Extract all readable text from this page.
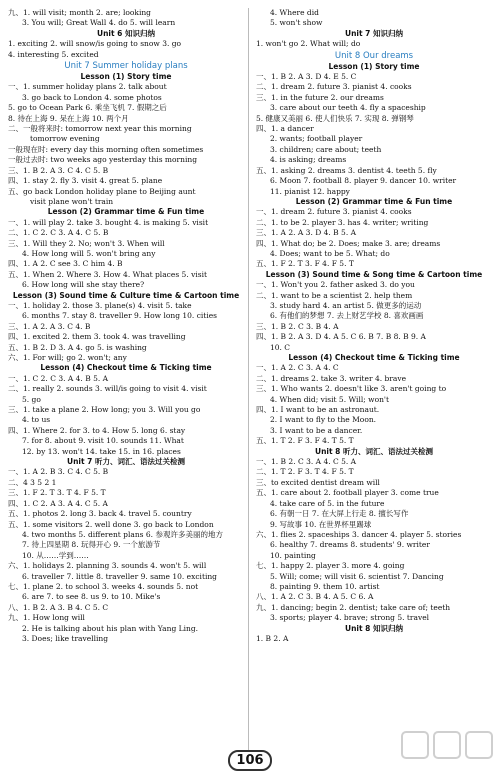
九、1. will visit; month 2. are; looking
3. You will; Great Wall 4. do 5. will learn
Unit 6 知识归纳
1. exciting 2. will snow/is going to snow 3. go
4. interesting 5. excited
Unit 7 Summer holiday plans
Lesson (1) Story time
一、1. summer holiday plans 2. talk about
3. go back to London 4. some photos
5. go to Ocean Park 6. 乘坐飞机 7. 假期之后
8. 待在上海 9. 呆在上海 10. 两个月
二、一般将来时: tomorrow next year this morning
tomorrow evening
一般现在时: every day this morning often sometimes
一般过去时: two weeks ago yesterday this morning
三、1. B 2. A 3. C 4. C 5. B
四、1. stay 2. fly 3. visit 4. great 5. plane
五、go back London holiday plane to Beijing aunt
visit plane won't train
Lesson (2) Grammar time & Fun time
一、1. will play 2. take 3. bought 4. is making 5. visit
二、1. C 2. C 3. A 4. C 5. B
三、1. Will they 2. No; won't 3. When will
4. How long will 5. won't bring any
四、1. A 2. C see 3. C him 4. B
五、1. When 2. Where 3. How 4. What places 5. visit
6. How long will she stay there?
Lesson (3) Sound time & Culture time & Cartoon time
一、1. holiday 2. those 3. plane(s) 4. visit 5. take
6. months 7. stay 8. traveller 9. How long 10. cities
三、1. A 2. A 3. C 4. B
四、1. excited 2. them 3. took 4. was travelling
五、1. B 2. D 3. A 4. go 5. is washing
六、1. For will; go 2. won't; any
Lesson (4) Checkout time & Ticking time
一、1. C 2. C 3. A 4. B 5. A
二、1. really 2. sounds 3. will/is going to visit 4. visit
5. go
三、1. take a plane 2. How long; you 3. Will you go
4. to us
四、1. Where 2. for 3. to 4. How 5. long 6. stay
7. for 8. about 9. visit 10. sounds 11. What
12. by 13. won't 14. take 15. in 16. places
Unit 7 听力、词汇、语法过关检测
一、1. A 2. B 3. C 4. C 5. B
二、4 3 5 2 1
三、1. F 2. T 3. T 4. F 5. T
四、1. C 2. A 3. A 4. C 5. A
五、1. photos 2. long 3. back 4. travel 5. country
五、1. some visitors 2. well done 3. go back to London
4. two months 5. different plans 6. 参观许多美丽的地方
7. 待上四星期 8. 玩得开心 9. 一个旅游节
10. 从……学到……
六、1. holidays 2. planning 3. sounds 4. won't 5. will
6. traveller 7. little 8. traveller 9. same 10. exciting
七、1. plane 2. to school 3. weeks 4. sounds 5. not
6. are 7. to see 8. us 9. to 10. Mike's
八、1. B 2. A 3. B 4. C 5. C
九、1. How long will
2. He is talking about his plan with Yang Ling.
3. Does; like travelling
4. Where did
5. won't show
Unit 7 知识归纳
1. won't go 2. What will; do
Unit 8 Our dreams
Lesson (1) Story time
一、1. B 2. A 3. D 4. E 5. C
二、1. dream 2. future 3. pianist 4. cooks
三、1. in the future 2. our dreams
3. care about our teeth 4. fly a spaceship
5. 健康又美丽 6. 使人们快乐 7. 实现 8. 弹钢琴
四、1. a dancer
2. wants; football player
3. children; care about; teeth
4. is asking; dreams
五、1. asking 2. dreams 3. dentist 4. teeth 5. fly
6. Moon 7. football 8. player 9. dancer 10. writer
11. pianist 12. happy
Lesson (2) Grammar time & Fun time
一、1. dream 2. future 3. pianist 4. cooks
二、1. to be 2. player 3. has 4. writer; writing
三、1. A 2. A 3. D 4. B 5. A
四、1. What do; be 2. Does; make 3. are; dreams
4. Does; want to be 5. What; do
五、1. F 2. T 3. F 4. F 5. T
Lesson (3) Sound time & Song time & Cartoon time
一、1. Won't you 2. father asked 3. do you
二、1. want to be a scientist 2. help them
3. study hard 4. an artist 5. 做更多的运动
6. 有他们的梦想 7. 去上财艺学校 8. 喜欢画画
三、1. B 2. C 3. B 4. A
四、1. B 2. A 3. D 4. A 5. C 6. B 7. B 8. B 9. A
10. C
Lesson (4) Checkout time & Ticking time
一、1. A 2. C 3. A 4. C
二、1. dreams 2. take 3. writer 4. brave
三、1. Who wants 2. doesn't like 3. aren't going to
4. When did; visit 5. Will; won't
四、1. I want to be an astronaut.
2. I want to fly to the Moon.
3. I want to be a dancer.
五、1. T 2. F 3. F 4. T 5. T
Unit 8 听力、词汇、语法过关检测
一、1. B 2. C 3. A 4. C 5. A
二、1. T 2. F 3. T 4. F 5. T
三、to excited dentist dream will
五、1. care about 2. football player 3. come true
4. take care of 5. in the future
6. 有朝一日 7. 在大屏上行走 8. 擅长写作
9. 写故事 10. 在世界杯里踢球
六、1. flies 2. spaceships 3. dancer 4. player 5. stories
6. healthy 7. dreams 8. students' 9. writer
10. painting
七、1. happy 2. player 3. more 4. going
5. Will; come; will visit 6. scientist 7. Dancing
8. painting 9. them 10. artist
八、1. A 2. C 3. B 4. A 5. C 6. A
九、1. dancing; begin 2. dentist; take care of; teeth
3. sports; player 4. brave; strong 5. travel
Unit 8 知识归纳
1. B 2. A
106
